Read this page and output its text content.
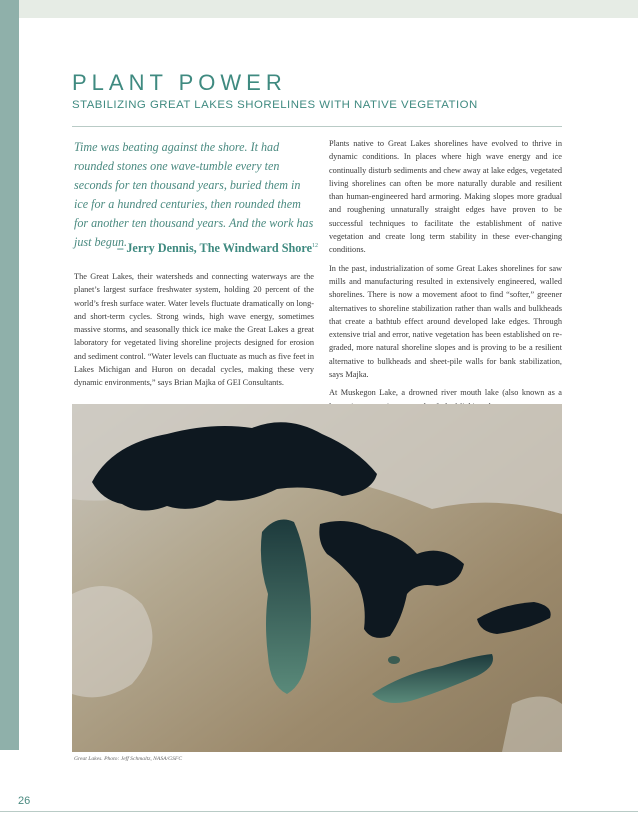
PLANT POWER
STABILIZING GREAT LAKES SHORELINES WITH NATIVE VEGETATION

Time was beating against the shore. It had rounded stones one wave-tumble every ten seconds for ten thousand years, buried them in ice for a hundred centuries, then rounded them for another ten thousand years. And the work has just begun.

– Jerry Dennis, The Windward Shore$^{12}$

The Great Lakes, their watersheds and connecting waterways are the planet’s largest surface freshwater system, holding 20 percent of the world’s fresh surface water. Water levels fluctuate dramatically on long- and short-term cycles. Strong winds, high wave energy, sometimes massive storms, and seasonally thick ice make the Great Lakes a great laboratory for vegetated living shoreline projects designed for erosion and sediment control. “Water levels can fluctuate as much as five feet in Lakes Michigan and Huron on decadal cycles, making these very dynamic environments,” says Brian Majka of GEI Consultants.

Plants native to Great Lakes shorelines have evolved to thrive in dynamic conditions. In places where high wave energy and ice continually disturb sediments and chew away at lake edges, vegetated living shorelines can often be more naturally durable and resilient than human-engineered hard armoring. Making slopes more gradual and roughening unnaturally straight edges have proven to be successful techniques to facilitate the establishment of native vegetation and create long term stability in these ever-changing conditions.

In the past, industrialization of some Great Lakes shorelines for saw mills and manufacturing resulted in extensively engineered, walled shorelines. There is now a movement afoot to find “softer,” greener alternatives to shoreline stabilization rather than walls and bulkheads that create a bathtub effect around developed lake edges. Through extensive trial and error, native vegetation has been established on re-graded, more natural shoreline slopes and is proving to be a resilient alternative to bulkheads and sheet-pile walls for bank stabilization, says Majka.

At Muskegon Lake, a drowned river mouth lake (also known as a

Great Lakes. Photo: Jeff Schmaltz, NASA/GSFC
26
